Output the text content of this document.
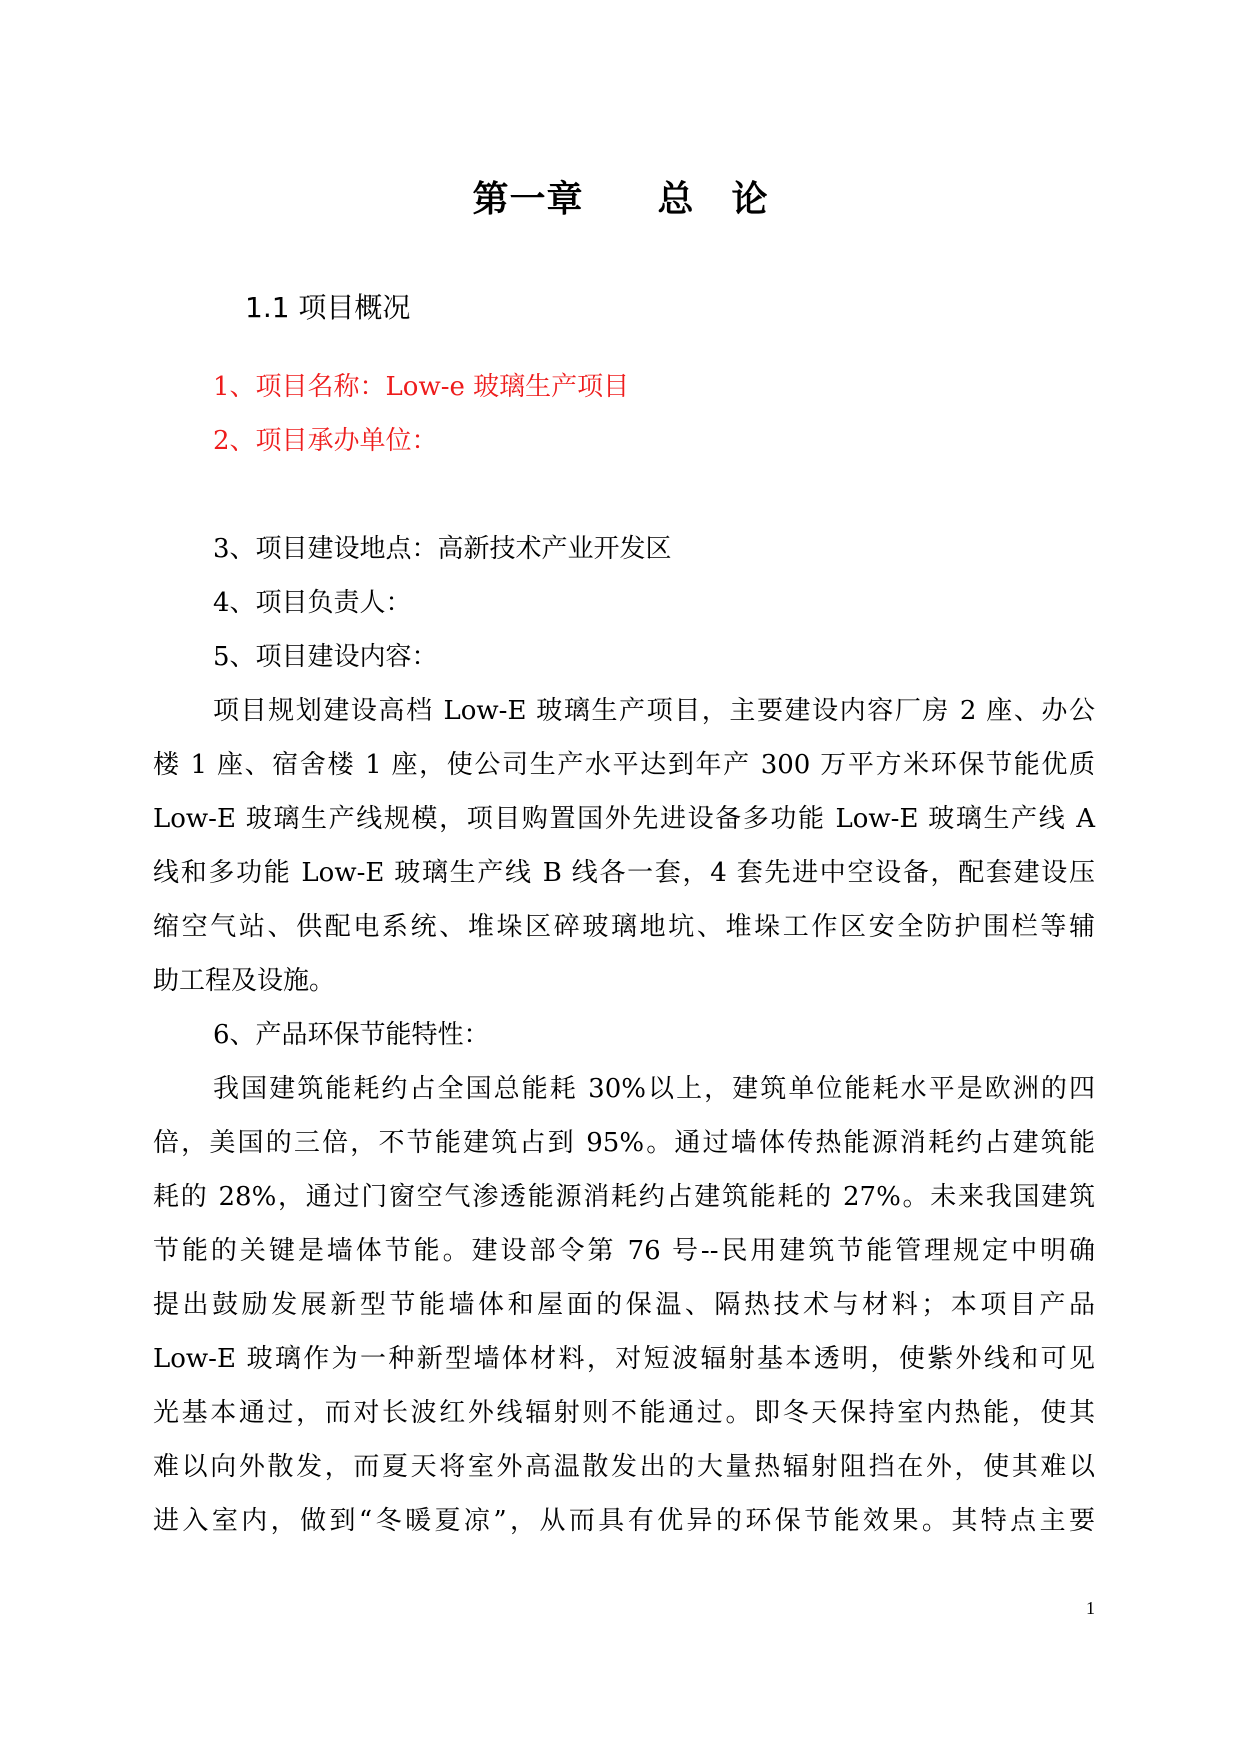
第一章　　总　论
1.1 项目概况
1、项目名称：Low-e 玻璃生产项目
2、项目承办单位：
3、项目建设地点：高新技术产业开发区
4、项目负责人：
5、项目建设内容：
项目规划建设高档 Low-E 玻璃生产项目，主要建设内容厂房 2 座、办公
楼 1 座、宿舍楼 1 座，使公司生产水平达到年产 300 万平方米环保节能优质
Low-E 玻璃生产线规模，项目购置国外先进设备多功能 Low-E 玻璃生产线 A
线和多功能 Low-E 玻璃生产线 B 线各一套，4 套先进中空设备，配套建设压
缩空气站、供配电系统、堆垛区碎玻璃地坑、堆垛工作区安全防护围栏等辅
助工程及设施。
6、产品环保节能特性：
我国建筑能耗约占全国总能耗 30%以上，建筑单位能耗水平是欧洲的四
倍，美国的三倍，不节能建筑占到 95%。通过墙体传热能源消耗约占建筑能
耗的 28%，通过门窗空气渗透能源消耗约占建筑能耗的 27%。未来我国建筑
节能的关键是墙体节能。建设部令第 76 号--民用建筑节能管理规定中明确
提出鼓励发展新型节能墙体和屋面的保温、隔热技术与材料；本项目产品
Low-E 玻璃作为一种新型墙体材料，对短波辐射基本透明，使紫外线和可见
光基本通过，而对长波红外线辐射则不能通过。即冬天保持室内热能，使其
难以向外散发，而夏天将室外高温散发出的大量热辐射阻挡在外，使其难以
进入室内，做到“冬暖夏凉”，从而具有优异的环保节能效果。其特点主要
1
